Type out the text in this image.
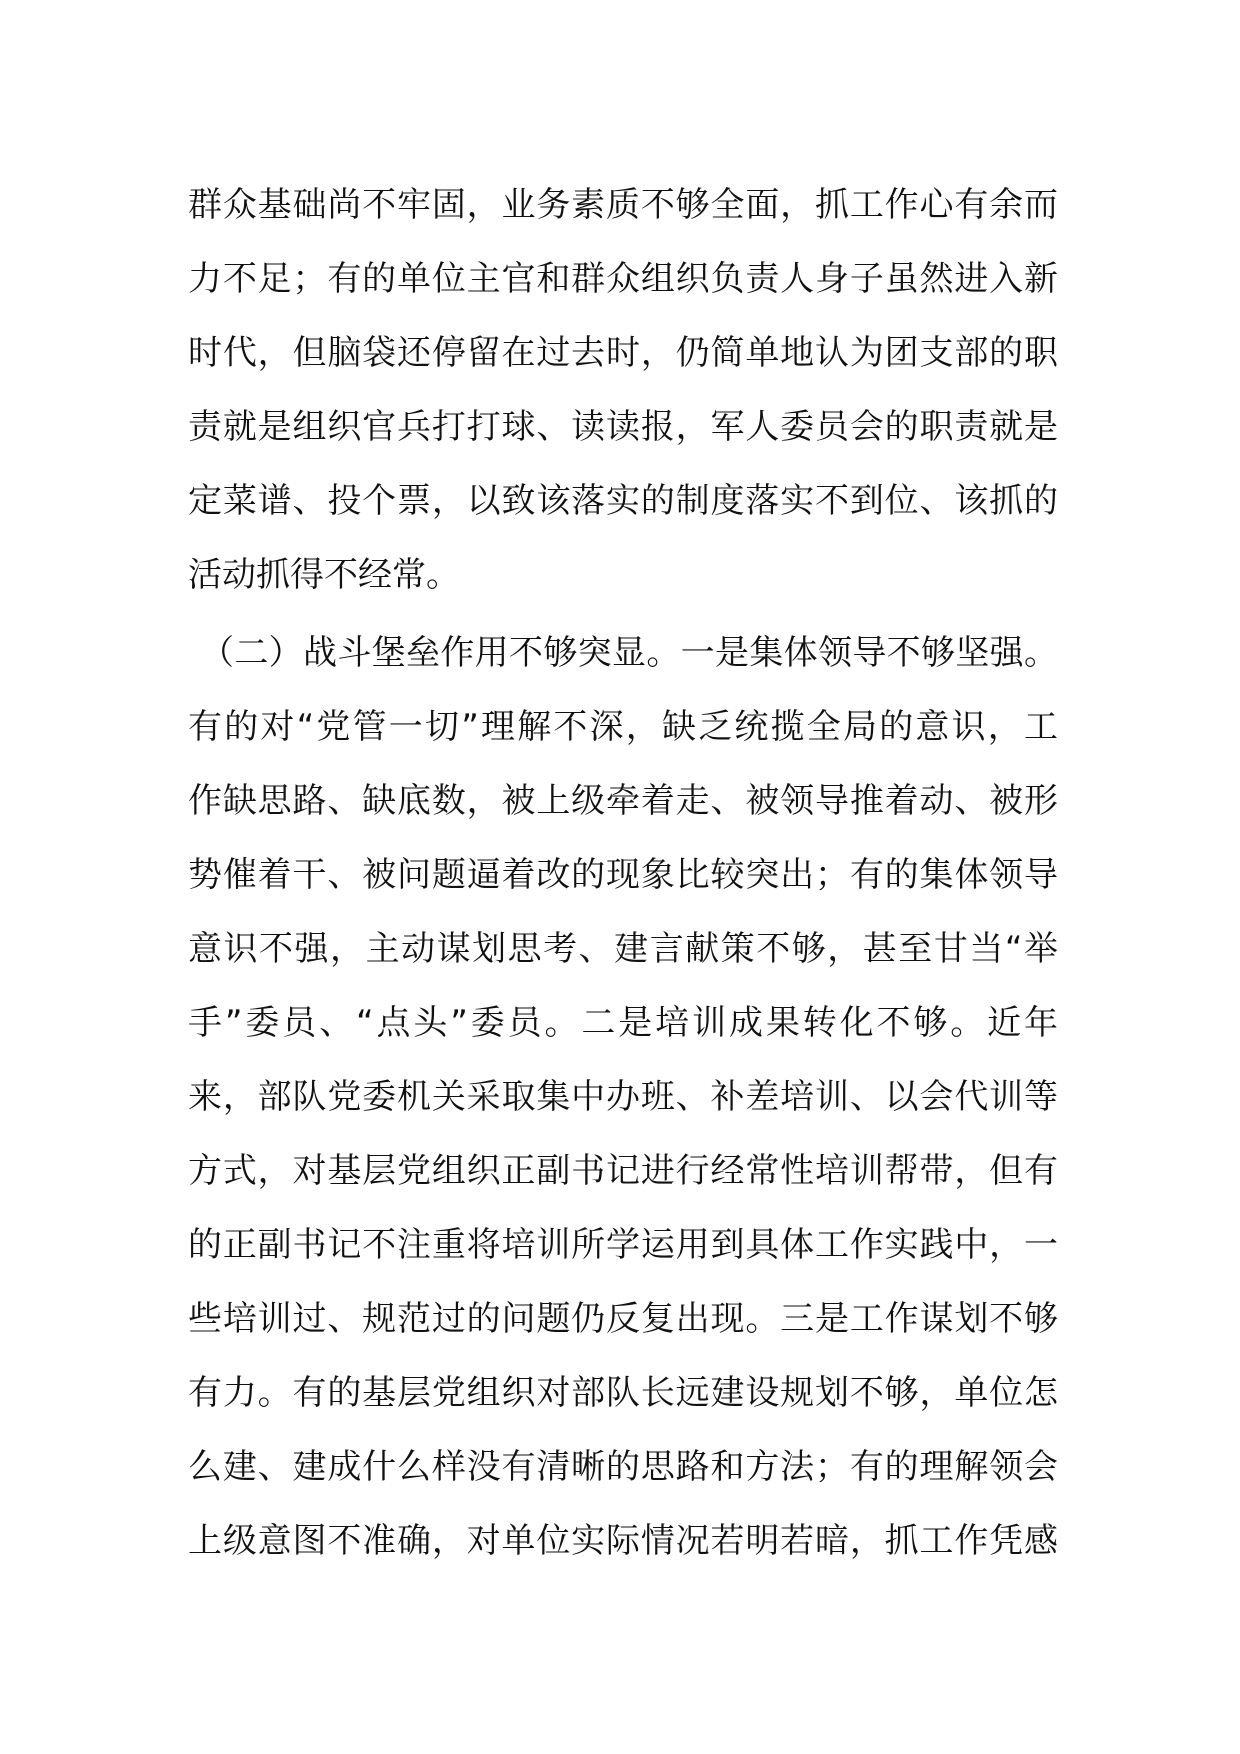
群众基础尚不牢固，业务素质不够全面，抓工作心有余而
力不足；有的单位主官和群众组织负责人身子虽然进入新
时代，但脑袋还停留在过去时，仍简单地认为团支部的职
责就是组织官兵打打球、读读报，军人委员会的职责就是
定菜谱、投个票，以致该落实的制度落实不到位、该抓的
活动抓得不经常。
（二）战斗堡垒作用不够突显。一是集体领导不够坚强。
有的对“党管一切”理解不深，缺乏统揽全局的意识，工
作缺思路、缺底数，被上级牵着走、被领导推着动、被形
势催着干、被问题逼着改的现象比较突出；有的集体领导
意识不强，主动谋划思考、建言献策不够，甚至甘当“举
手”委员、“点头”委员。二是培训成果转化不够。近年
来，部队党委机关采取集中办班、补差培训、以会代训等
方式，对基层党组织正副书记进行经常性培训帮带，但有
的正副书记不注重将培训所学运用到具体工作实践中，一
些培训过、规范过的问题仍反复出现。三是工作谋划不够
有力。有的基层党组织对部队长远建设规划不够，单位怎
么建、建成什么样没有清晰的思路和方法；有的理解领会
上级意图不准确，对单位实际情况若明若暗，抓工作凭感
